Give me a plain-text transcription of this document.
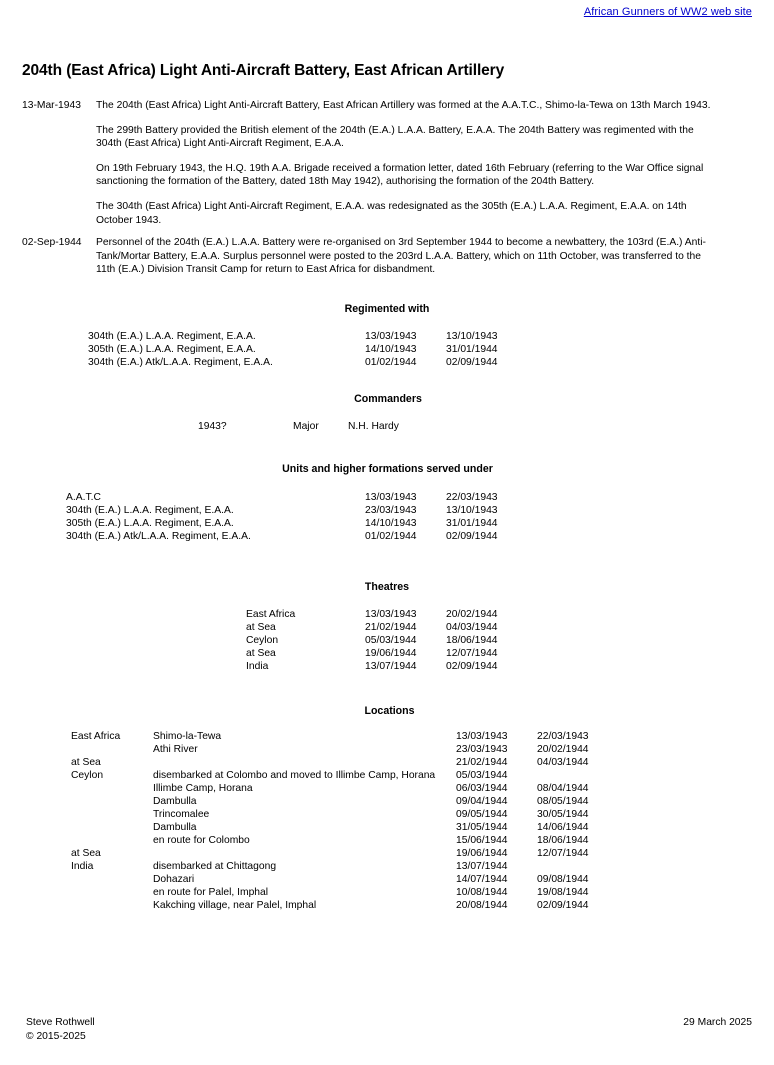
African Gunners of WW2 web site
204th (East Africa) Light Anti-Aircraft Battery, East African Artillery
13-Mar-1943	The 204th (East Africa) Light Anti-Aircraft Battery, East African Artillery was formed at the A.A.T.C., Shimo-la-Tewa on 13th March 1943.

The 299th Battery provided the British element of the 204th (E.A.) L.A.A. Battery, E.A.A. The 204th Battery was regimented with the 304th (East Africa) Light Anti-Aircraft Regiment, E.A.A.

On 19th February 1943, the H.Q. 19th A.A. Brigade received a formation letter, dated 16th February (referring to the War Office signal sanctioning the formation of the Battery, dated 18th May 1942), authorising the formation of the 204th Battery.

The 304th (East Africa) Light Anti-Aircraft Regiment, E.A.A. was redesignated as the 305th (E.A.) L.A.A. Regiment, E.A.A. on 14th October 1943.

02-Sep-1944	Personnel of the 204th (E.A.) L.A.A. Battery were re-organised on 3rd September 1944 to become a newbattery, the 103rd (E.A.) Anti-Tank/Mortar Battery, E.A.A. Surplus personnel were posted to the 203rd L.A.A. Battery, which on 11th October, was transferred to the 11th (E.A.) Division Transit Camp for return to East Africa for disbandment.

Regimented with
304th (E.A.) L.A.A. Regiment, E.A.A.	13/03/1943	13/10/1943
305th (E.A.) L.A.A. Regiment, E.A.A.	14/10/1943	31/01/1944
304th (E.A.) Atk/L.A.A. Regiment, E.A.A.	01/02/1944	02/09/1944
Commanders
1943?	Major	N.H. Hardy
Units and higher formations served under
A.A.T.C	13/03/1943	22/03/1943
304th (E.A.) L.A.A. Regiment, E.A.A.	23/03/1943	13/10/1943
305th (E.A.) L.A.A. Regiment, E.A.A.	14/10/1943	31/01/1944
304th (E.A.) Atk/L.A.A. Regiment, E.A.A.	01/02/1944	02/09/1944
Theatres
East Africa	13/03/1943	20/02/1944
at Sea	21/02/1944	04/03/1944
Ceylon	05/03/1944	18/06/1944
at Sea	19/06/1944	12/07/1944
India	13/07/1944	02/09/1944
Locations
East Africa	Shimo-la-Tewa	13/03/1943	22/03/1943
	Athi River	23/03/1943	20/02/1944
at Sea		21/02/1944	04/03/1944
Ceylon	disembarked at Colombo and moved to Illimbe Camp, Horana	05/03/1944	
	Illimbe Camp, Horana	06/03/1944	08/04/1944
	Dambulla	09/04/1944	08/05/1944
	Trincomalee	09/05/1944	30/05/1944
	Dambulla	31/05/1944	14/06/1944
	en route for Colombo	15/06/1944	18/06/1944
at Sea		19/06/1944	12/07/1944
India	disembarked at Chittagong	13/07/1944	
	Dohazari	14/07/1944	09/08/1944
	en route for Palel, Imphal	10/08/1944	19/08/1944
	Kakching village, near Palel, Imphal	20/08/1944	02/09/1944
Steve Rothwell
© 2015-2025
29 March 2025
